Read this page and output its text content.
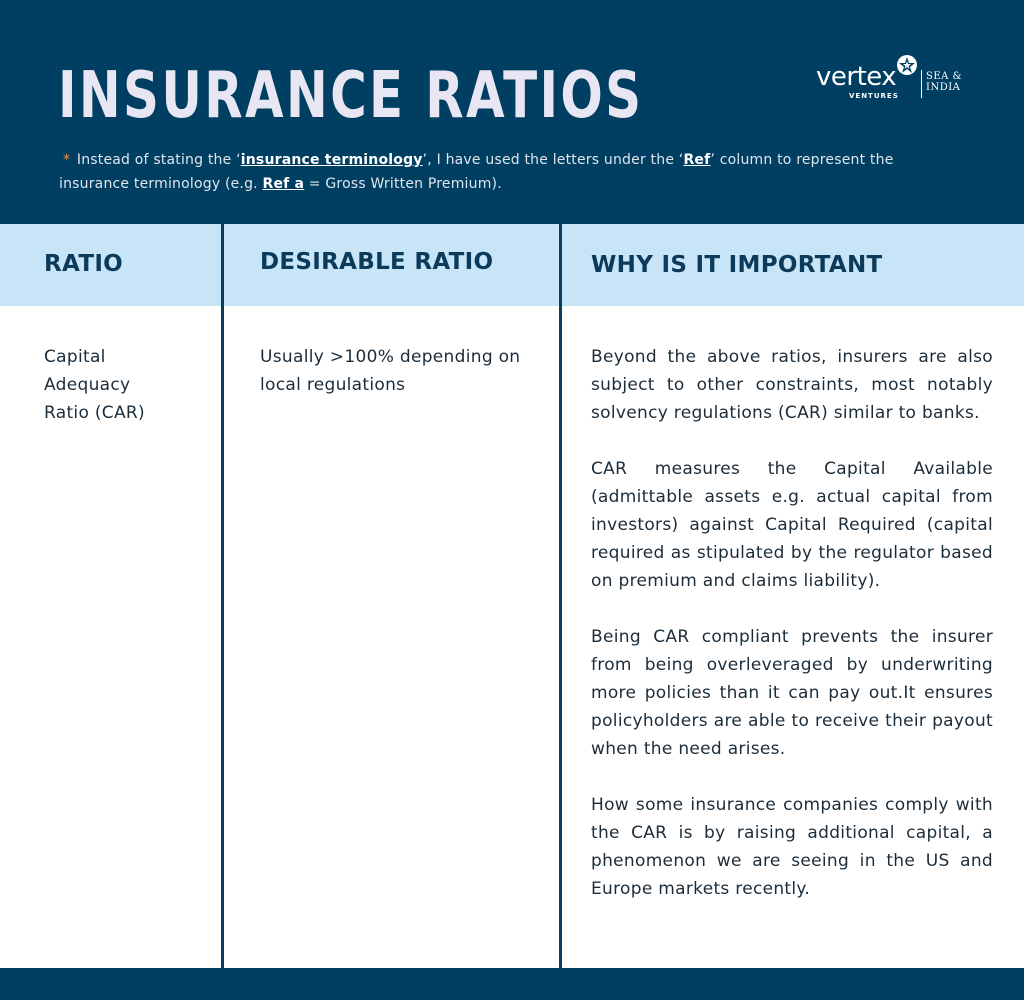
INSURANCE RATIOS
* Instead of stating the ‘insurance terminology’, I have used the letters under the ‘Ref’ column to represent the insurance terminology (e.g. Ref a = Gross Written Premium).
vertex
VENTURES
SEA &
INDIA
RATIO	DESIRABLE RATIO	WHY IS IT IMPORTANT
Capital
Adequacy
Ratio (CAR)
Usually >100% depending on local regulations

Beyond the above ratios, insurers are also subject to other constraints, most notably solvency regulations (CAR) similar to banks.

CAR measures the Capital Available (admittable assets e.g. actual capital from investors) against Capital Required (capital required as stipulated by the regulator based on premium and claims liability).

Being CAR compliant prevents the insurer from being overleveraged by underwriting more policies than it can pay out.It ensures policyholders are able to receive their payout when the need arises.

How some insurance companies comply with the CAR is by raising additional capital, a phenomenon we are seeing in the US and Europe markets recently.
